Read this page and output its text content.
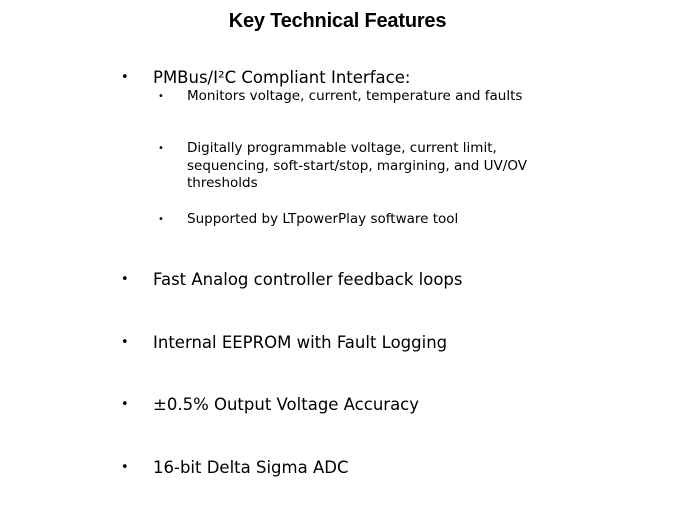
Key Technical Features
• PMBus/I²C Compliant Interface:
• Monitors voltage, current, temperature and faults
• Digitally programmable voltage, current limit, sequencing, soft-start/stop, margining, and UV/OV thresholds
• Supported by LTpowerPlay software tool
• Fast Analog controller feedback loops
• Internal EEPROM with Fault Logging
• ±0.5% Output Voltage Accuracy
• 16-bit Delta Sigma ADC
